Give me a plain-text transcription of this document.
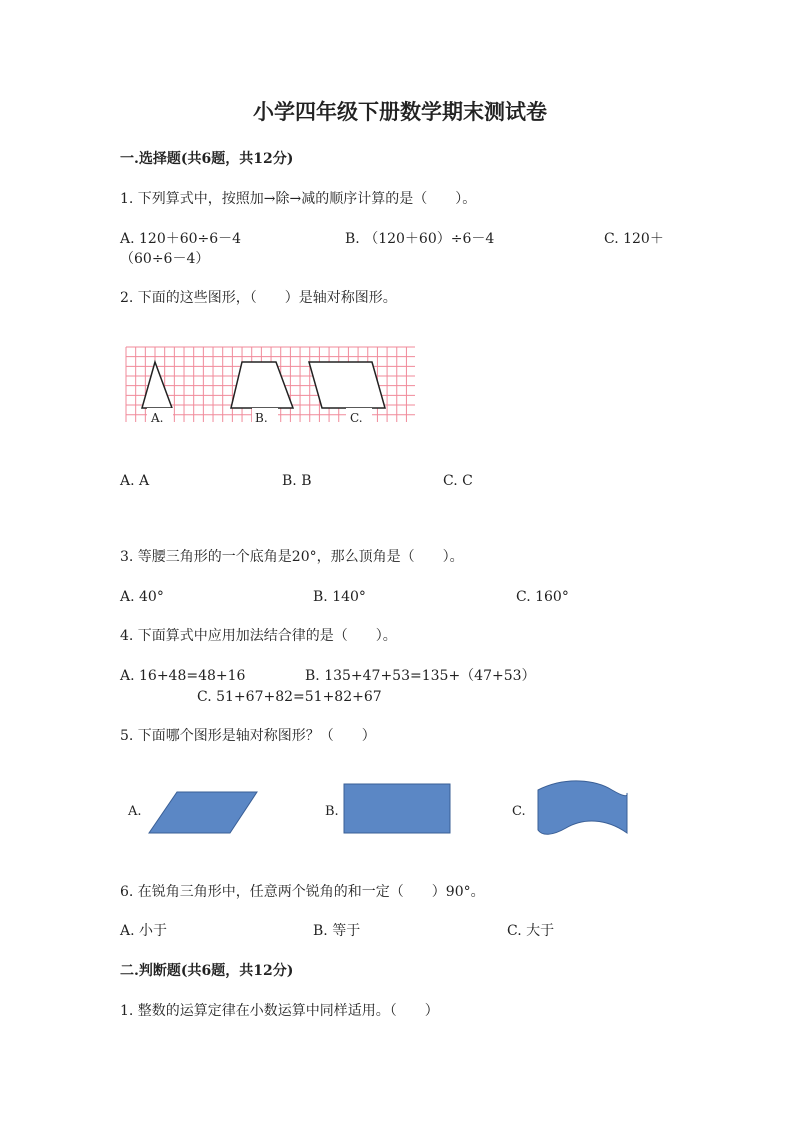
小学四年级下册数学期末测试卷
一.选择题(共6题，共12分)
1. 下列算式中，按照加→除→减的顺序计算的是（　　）。
A. 120＋60÷6－4	B. （120＋60）÷6－4	C. 120＋
（60÷6－4）
2. 下面的这些图形，（　　）是轴对称图形。
A.	B.	C.
A. A	B. B	C. C
3. 等腰三角形的一个底角是20°，那么顶角是（　　）。
A. 40°	B. 140°	C. 160°
4. 下面算式中应用加法结合律的是（　　）。
A. 16+48=48+16	B. 135+47+53=135+（47+53）
C. 51+67+82=51+82+67
5. 下面哪个图形是轴对称图形？（　　）
A.	B.	C.
6. 在锐角三角形中，任意两个锐角的和一定（　　）90°。
A. 小于	B. 等于	C. 大于
二.判断题(共6题，共12分)
1. 整数的运算定律在小数运算中同样适用。（　　）
